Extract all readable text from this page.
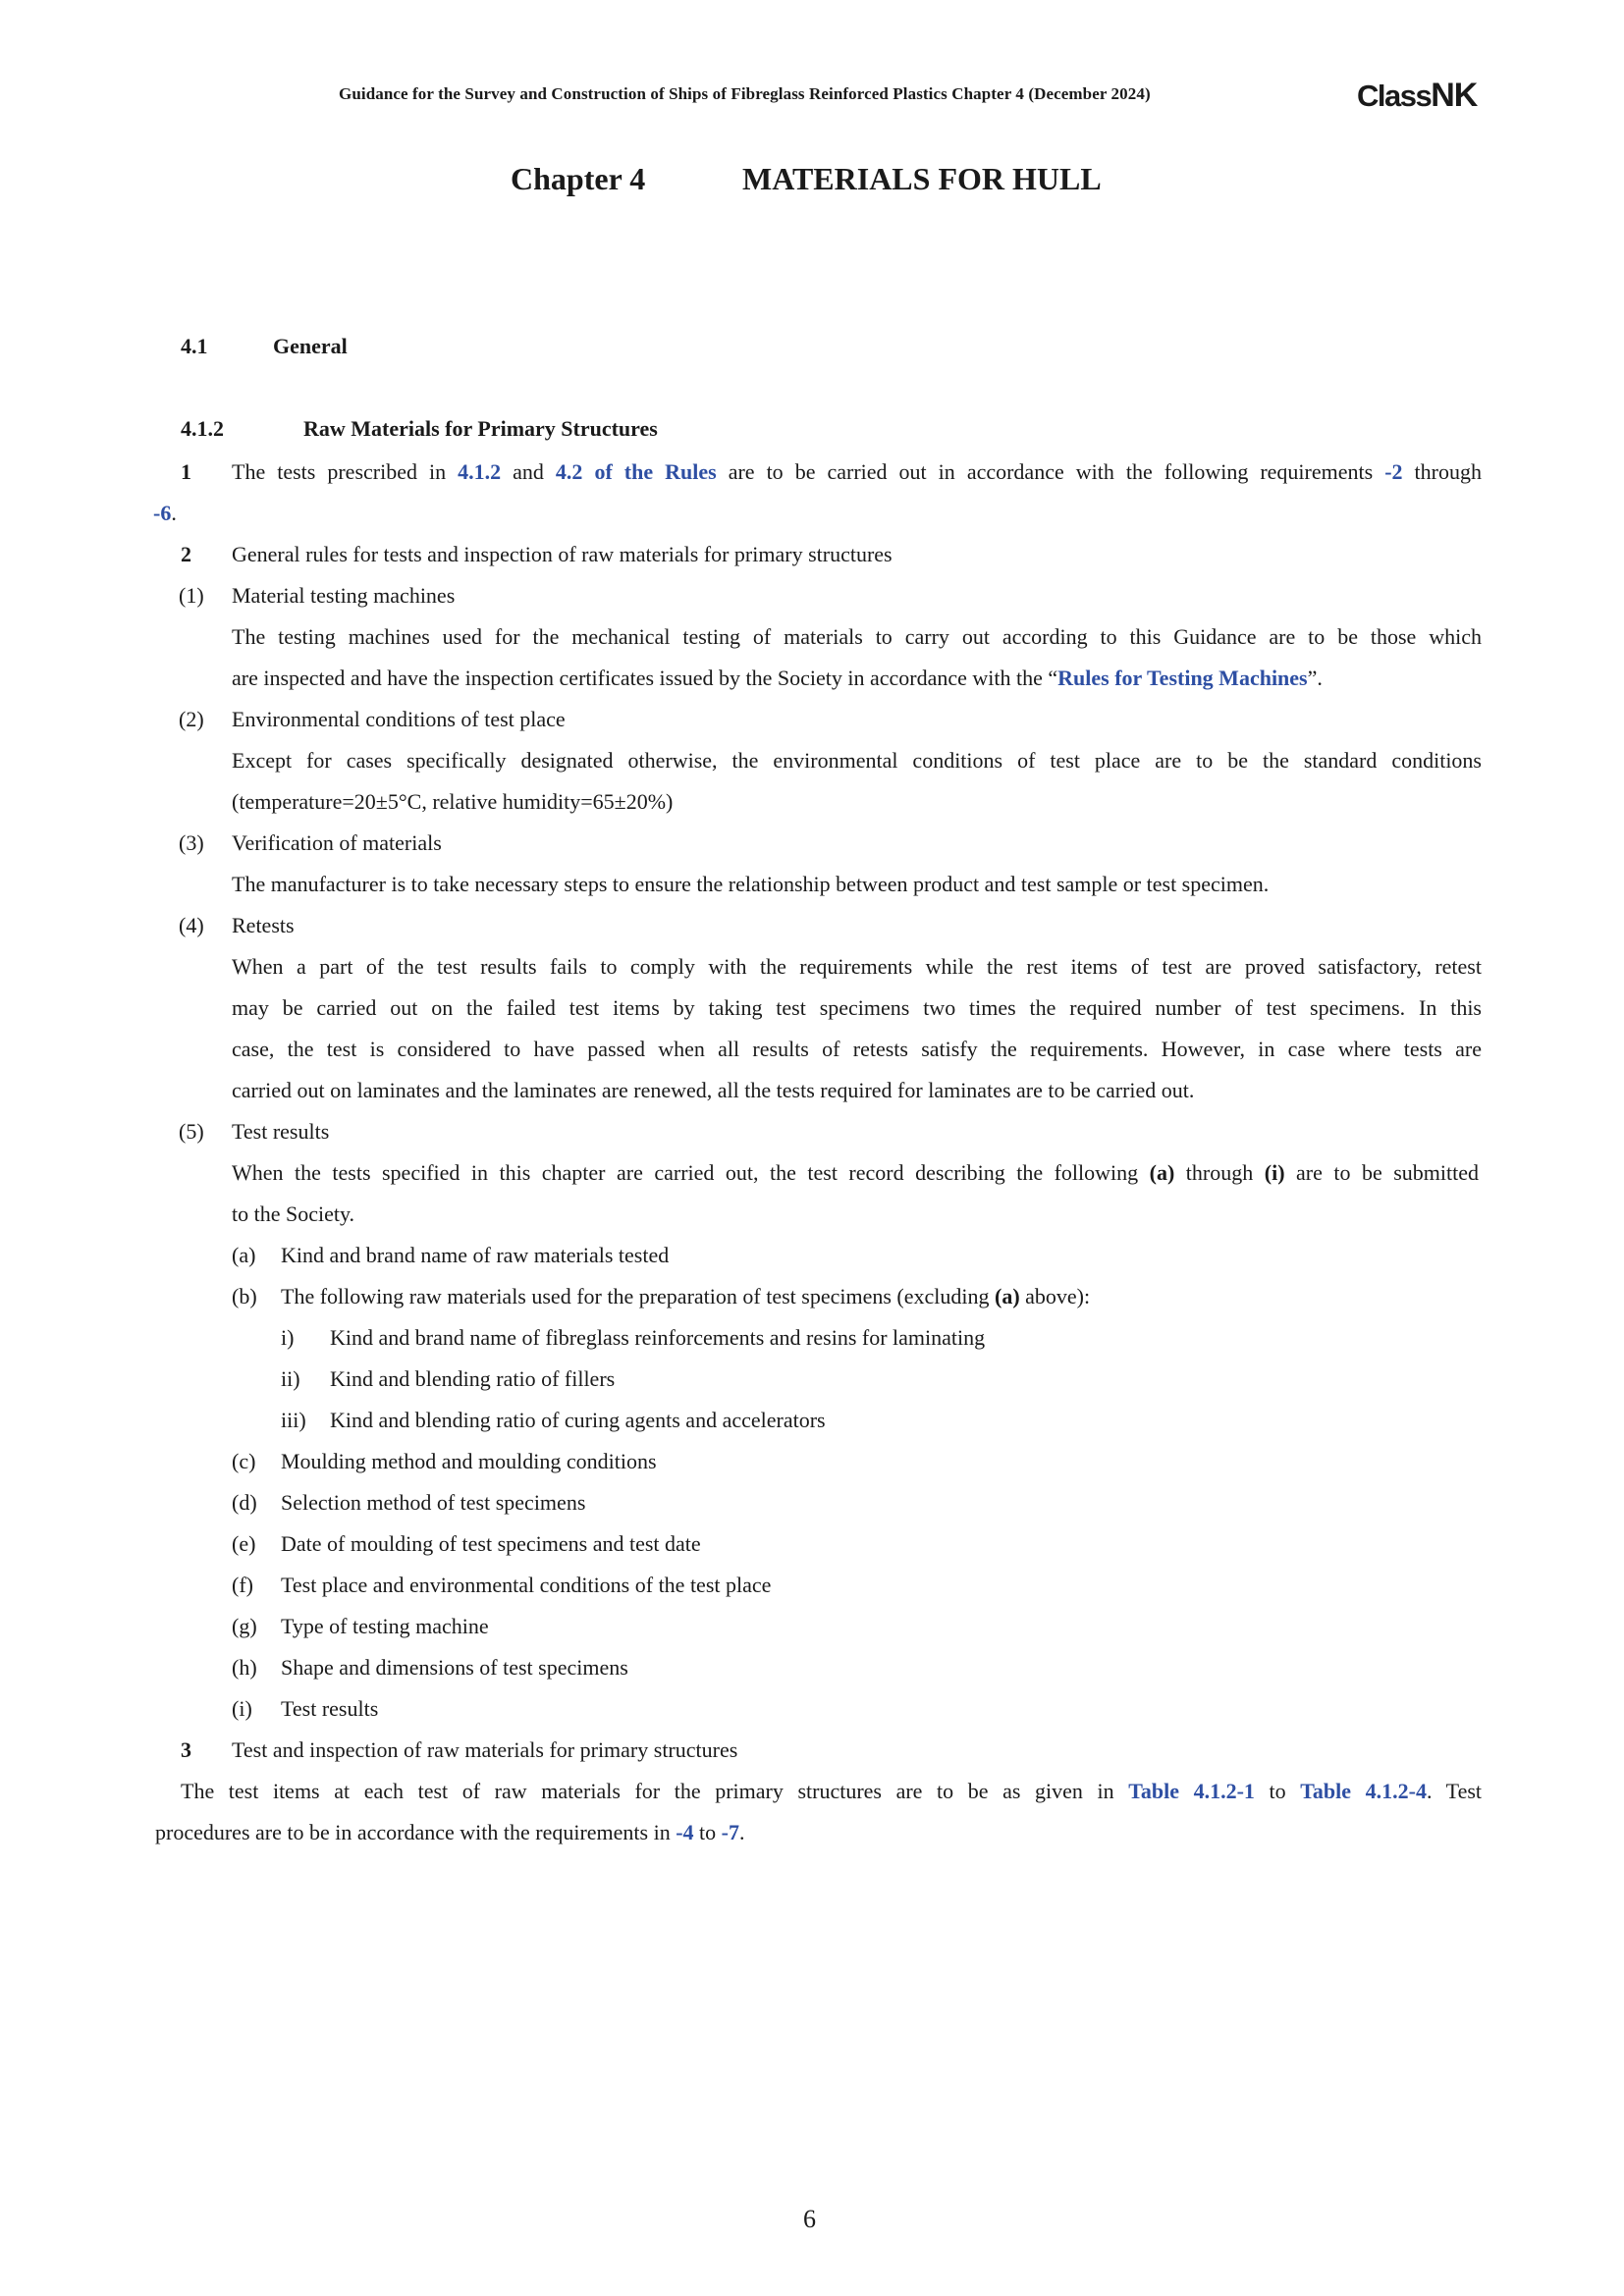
Guidance for the Survey and Construction of Ships of Fibreglass Reinforced Plastics Chapter 4 (December 2024)	ClassNK
Chapter 4	MATERIALS FOR HULL
4.1	General
4.1.2	Raw Materials for Primary Structures
1 The tests prescribed in 4.1.2 and 4.2 of the Rules are to be carried out in accordance with the following requirements -2 through
-6.
2 General rules for tests and inspection of raw materials for primary structures
(1) Material testing machines
The testing machines used for the mechanical testing of materials to carry out according to this Guidance are to be those which
are inspected and have the inspection certificates issued by the Society in accordance with the “Rules for Testing Machines”.
(2) Environmental conditions of test place
Except for cases specifically designated otherwise, the environmental conditions of test place are to be the standard conditions
(temperature=20±5°C, relative humidity=65±20%)
(3) Verification of materials
The manufacturer is to take necessary steps to ensure the relationship between product and test sample or test specimen.
(4) Retests
When a part of the test results fails to comply with the requirements while the rest items of test are proved satisfactory, retest
may be carried out on the failed test items by taking test specimens two times the required number of test specimens. In this
case, the test is considered to have passed when all results of retests satisfy the requirements. However, in case where tests are
carried out on laminates and the laminates are renewed, all the tests required for laminates are to be carried out.
(5) Test results
When the tests specified in this chapter are carried out, the test record describing the following (a) through (i) are to be submitted
to the Society.
(a) Kind and brand name of raw materials tested
(b) The following raw materials used for the preparation of test specimens (excluding (a) above):
i) Kind and brand name of fibreglass reinforcements and resins for laminating
ii) Kind and blending ratio of fillers
iii) Kind and blending ratio of curing agents and accelerators
(c) Moulding method and moulding conditions
(d) Selection method of test specimens
(e) Date of moulding of test specimens and test date
(f) Test place and environmental conditions of the test place
(g) Type of testing machine
(h) Shape and dimensions of test specimens
(i) Test results
3 Test and inspection of raw materials for primary structures
The test items at each test of raw materials for the primary structures are to be as given in Table 4.1.2-1 to Table 4.1.2-4. Test
procedures are to be in accordance with the requirements in -4 to -7.
6
